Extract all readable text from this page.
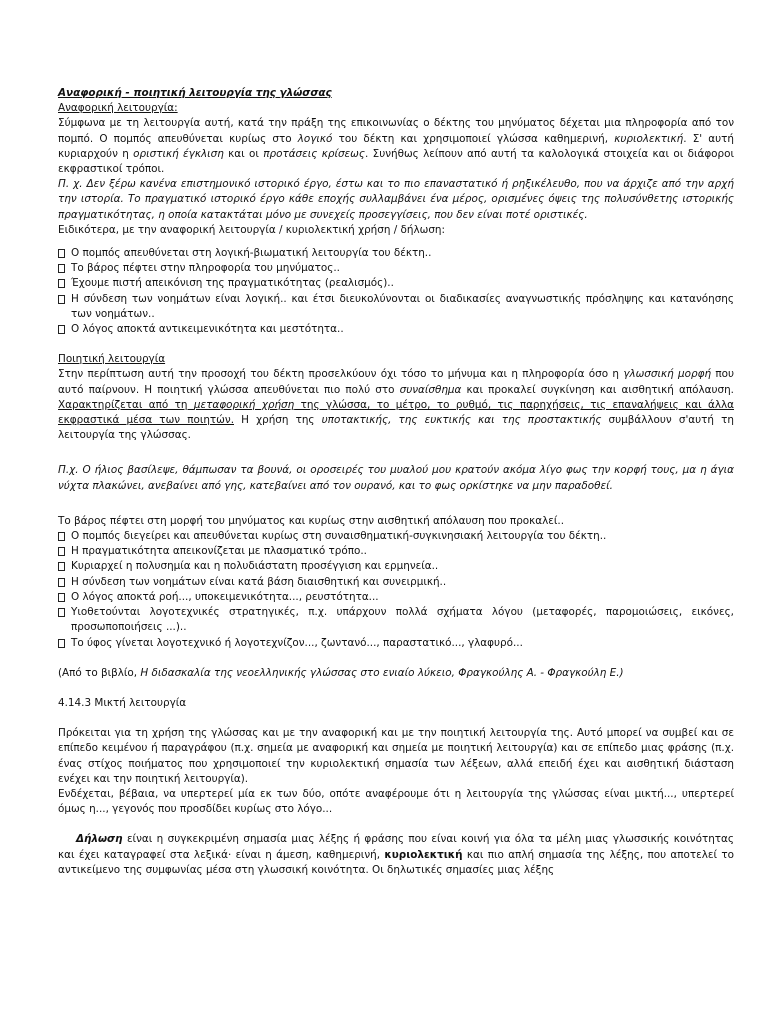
Αναφορική - ποιητική λειτουργία της γλώσσας

Αναφορική λειτουργία:

Σύμφωνα με τη λειτουργία αυτή, κατά την πράξη της επικοινωνίας ο δέκτης του μηνύματος δέχεται μια πληροφορία από τον πομπό. Ο πομπός απευθύνεται κυρίως στο λογικό του δέκτη και χρησιμοποιεί γλώσσα καθημερινή, κυριολεκτική. Σ' αυτή κυριαρχούν η οριστική έγκλιση και οι προτάσεις κρίσεως. Συνήθως λείπουν από αυτή τα καλολογικά στοιχεία και οι διάφοροι εκφραστικοί τρόποι.

Π. χ. Δεν ξέρω κανένα επιστημονικό ιστορικό έργο, έστω και το πιο επαναστατικό ή ρηξικέλευθο, που να άρχιζε από την αρχή την ιστορία. Το πραγματικό ιστορικό έργο κάθε εποχής συλλαμβάνει ένα μέρος, ορισμένες όψεις της πολυσύνθετης ιστορικής πραγματικότητας, η οποία κατακτάται μόνο με συνεχείς προσεγγίσεις, που δεν είναι ποτέ οριστικές.

Ειδικότερα, με την αναφορική λειτουργία / κυριολεκτική χρήση / δήλωση:

Ο πομπός απευθύνεται στη λογική-βιωματική λειτουργία του δέκτη..
Το βάρος πέφτει στην πληροφορία του μηνύματος..
Έχουμε πιστή απεικόνιση της πραγματικότητας (ρεαλισμός)..
Η σύνδεση των νοημάτων είναι λογική.. και έτσι διευκολύνονται οι διαδικασίες αναγνωστικής πρόσληψης και κατανόησης των νοημάτων..
Ο λόγος αποκτά αντικειμενικότητα και μεστότητα..

Ποιητική λειτουργία

Στην περίπτωση αυτή την προσοχή του δέκτη προσελκύουν όχι τόσο το μήνυμα και η πληροφορία όσο η γλωσσική μορφή που αυτό παίρνουν. Η ποιητική γλώσσα απευθύνεται πιο πολύ στο συναίσθημα και προκαλεί συγκίνηση και αισθητική απόλαυση. Χαρακτηρίζεται από τη μεταφορική χρήση της γλώσσα, το μέτρο, το ρυθμό, τις παρηχήσεις, τις επαναλήψεις και άλλα εκφραστικά μέσα των ποιητών. Η χρήση της υποτακτικής, της ευκτικής και της προστακτικής συμβάλλουν σ'αυτή τη λειτουργία της γλώσσας.

Π.χ. Ο ήλιος βασίλεψε, θάμπωσαν τα βουνά, οι οροσειρές του μυαλού μου κρατούν ακόμα λίγο φως την κορφή τους, μα η άγια νύχτα πλακώνει, ανεβαίνει από γης, κατεβαίνει από τον ουρανό, και το φως ορκίστηκε να μην παραδοθεί.

Το βάρος πέφτει στη μορφή του μηνύματος και κυρίως στην αισθητική απόλαυση που προκαλεί..

Ο πομπός διεγείρει και απευθύνεται κυρίως στη συναισθηματική-συγκινησιακή λειτουργία του δέκτη..
Η πραγματικότητα απεικονίζεται με πλασματικό τρόπο..
Κυριαρχεί η πολυσημία και η πολυδιάστατη προσέγγιση και ερμηνεία..
Η σύνδεση των νοημάτων είναι κατά βάση διαισθητική και συνειρμική..
Ο λόγος αποκτά ροή..., υποκειμενικότητα..., ρευστότητα...
Υιοθετούνται λογοτεχνικές στρατηγικές, π.χ. υπάρχουν πολλά σχήματα λόγου (μεταφορές, παρομοιώσεις, εικόνες, προσωποποιήσεις ...)..
Το ύφος γίνεται λογοτεχνικό ή λογοτεχνίζον..., ζωντανό..., παραστατικό..., γλαφυρό...

(Από το βιβλίο, Η διδασκαλία της νεοελληνικής γλώσσας στο ενιαίο λύκειο, Φραγκούλης Α. - Φραγκούλη Ε.)

4.14.3 Μικτή λειτουργία

Πρόκειται για τη χρήση της γλώσσας και με την αναφορική και με την ποιητική λειτουργία της. Αυτό μπορεί να συμβεί και σε επίπεδο κειμένου ή παραγράφου (π.χ. σημεία με αναφορική και σημεία με ποιητική λειτουργία) και σε επίπεδο μιας φράσης (π.χ. ένας στίχος ποιήματος που χρησιμοποιεί την κυριολεκτική σημασία των λέξεων, αλλά επειδή έχει και αισθητική διάσταση ενέχει και την ποιητική λειτουργία).

Ενδέχεται, βέβαια, να υπερτερεί μία εκ των δύο, οπότε αναφέρουμε ότι η λειτουργία της γλώσσας είναι μικτή..., υπερτερεί όμως η..., γεγονός που προσδίδει κυρίως στο λόγο...

Δήλωση είναι η συγκεκριμένη σημασία μιας λέξης ή φράσης που είναι κοινή για όλα τα μέλη μιας γλωσσικής κοινότητας και έχει καταγραφεί στα λεξικά· είναι η άμεση, καθημερινή, κυριολεκτική και πιο απλή σημασία της λέξης, που αποτελεί το αντικείμενο της συμφωνίας μέσα στη γλωσσική κοινότητα. Οι δηλωτικές σημασίες μιας λέξης
